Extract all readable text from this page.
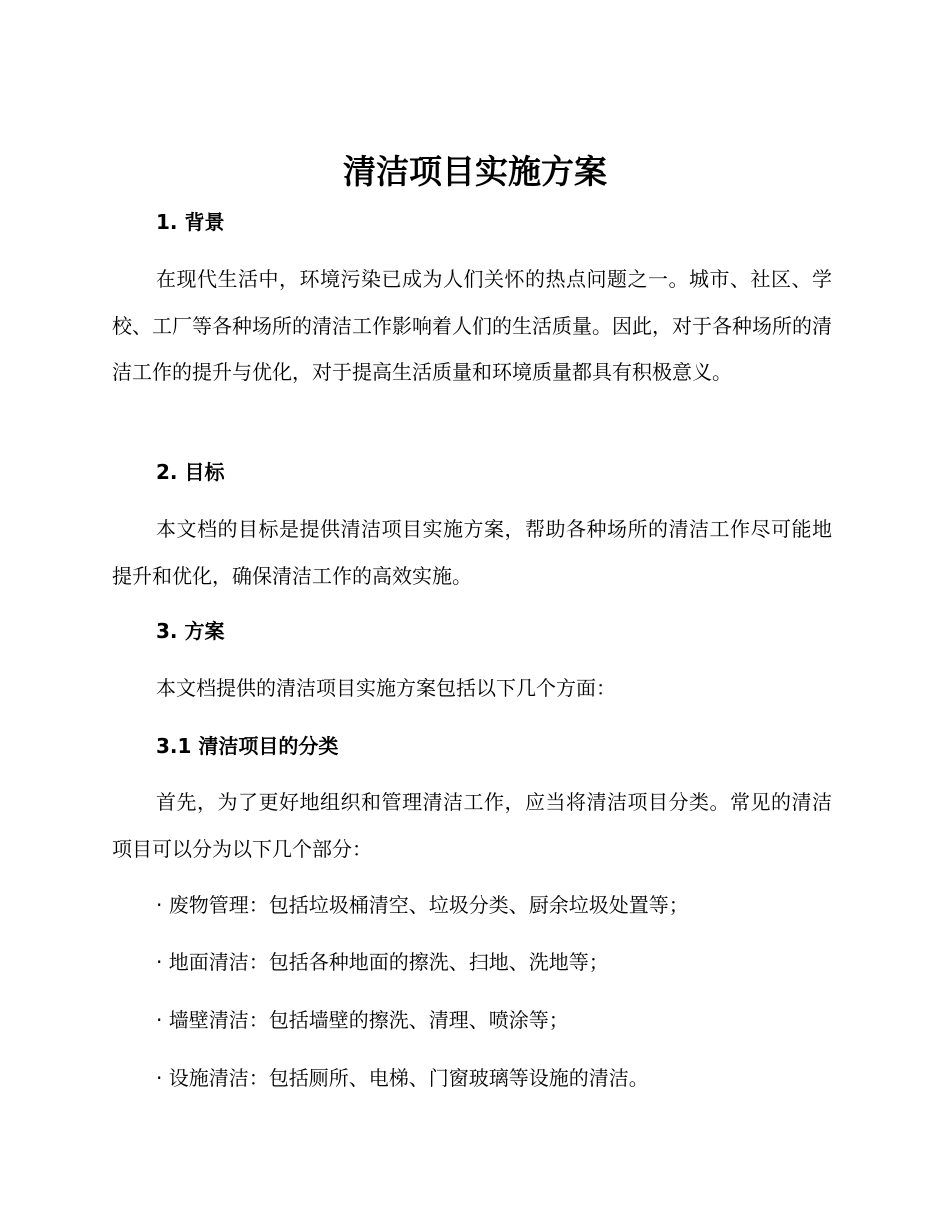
清洁项目实施方案
1. 背景

在现代生活中，环境污染已成为人们关怀的热点问题之一。城市、社区、学校、工厂等各种场所的清洁工作影响着人们的生活质量。因此，对于各种场所的清洁工作的提升与优化，对于提高生活质量和环境质量都具有积极意义。

2. 目标

本文档的目标是提供清洁项目实施方案，帮助各种场所的清洁工作尽可能地提升和优化，确保清洁工作的高效实施。

3. 方案

本文档提供的清洁项目实施方案包括以下几个方面：

3.1 清洁项目的分类

首先，为了更好地组织和管理清洁工作，应当将清洁项目分类。常见的清洁项目可以分为以下几个部分：

· 废物管理：包括垃圾桶清空、垃圾分类、厨余垃圾处置等；

· 地面清洁：包括各种地面的擦洗、扫地、洗地等；

· 墙壁清洁：包括墙壁的擦洗、清理、喷涂等；

· 设施清洁：包括厕所、电梯、门窗玻璃等设施的清洁。
